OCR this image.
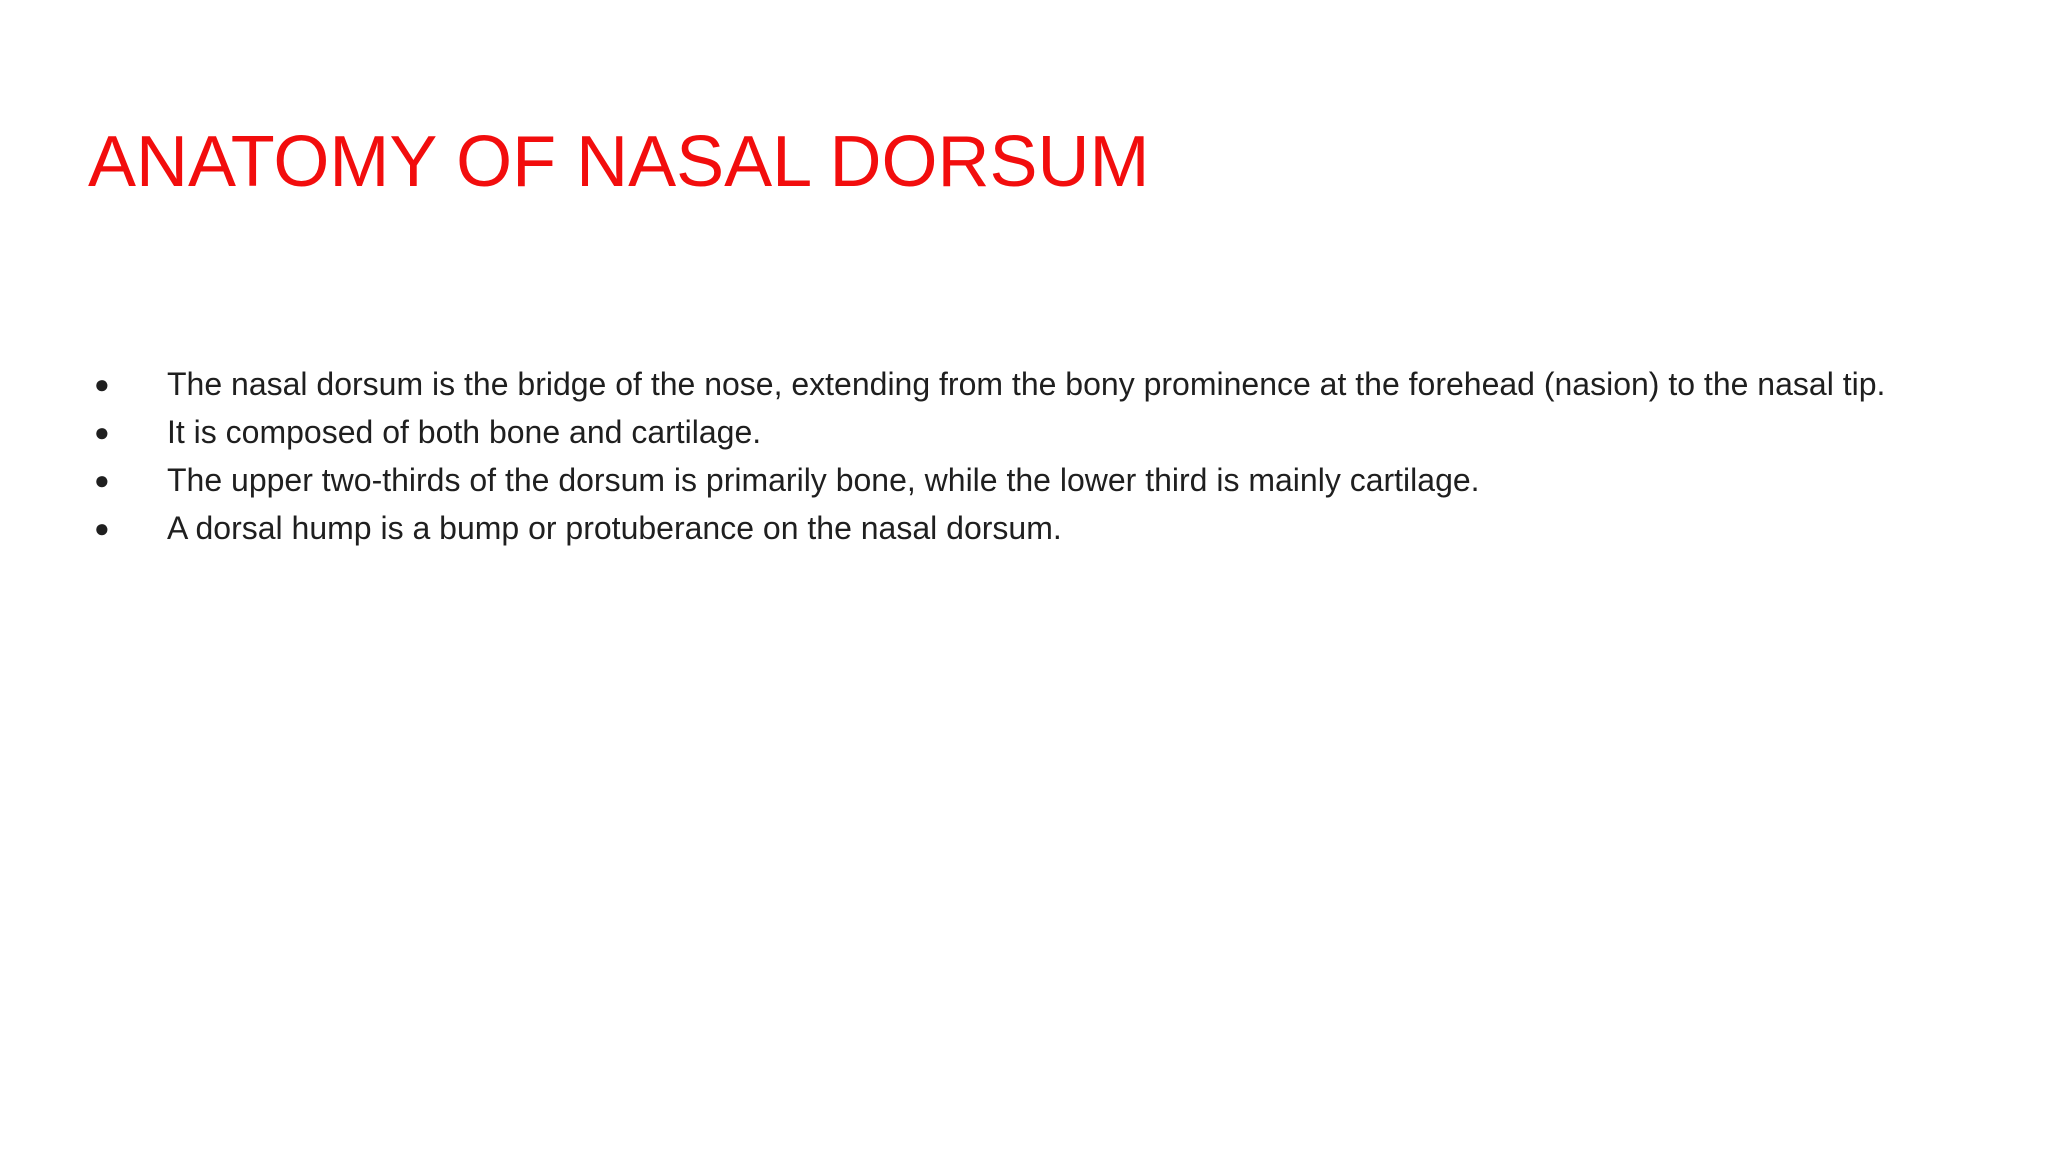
ANATOMY OF NASAL DORSUM
● The nasal dorsum is the bridge of the nose, extending from the bony prominence at the forehead (nasion) to the nasal tip.
● It is composed of both bone and cartilage.
● The upper two-thirds of the dorsum is primarily bone, while the lower third is mainly cartilage.
● A dorsal hump is a bump or protuberance on the nasal dorsum.
